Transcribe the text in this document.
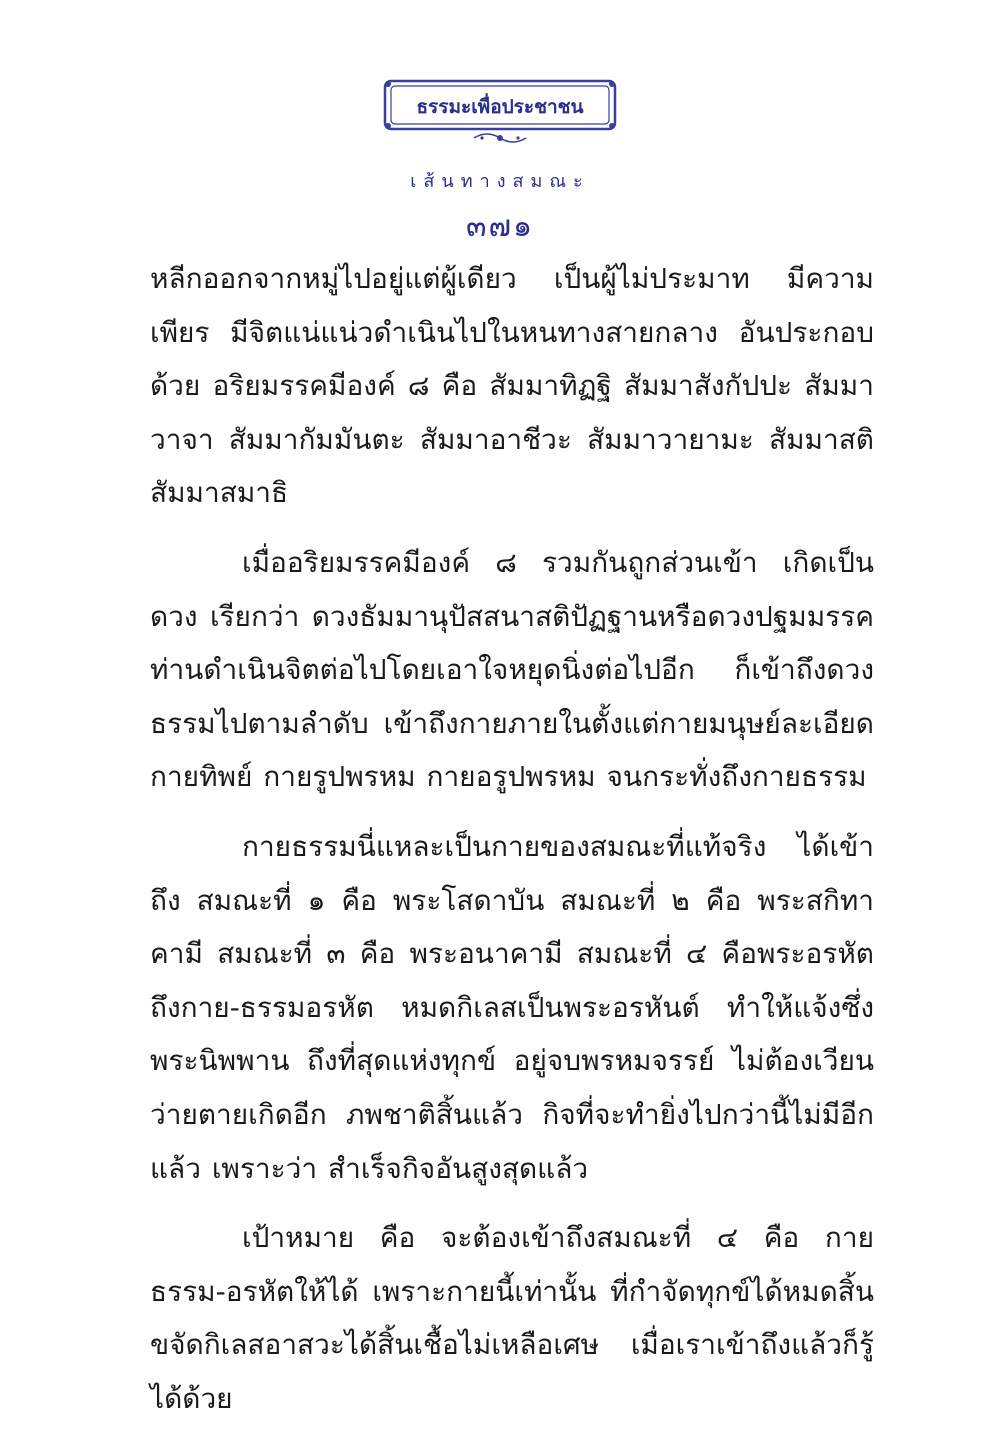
ธรรมะเพื่อประชาชน
เส้นทางสมณะ
๓๗๑

หลีกออกจากหมู่ไปอยู่แต่ผู้เดียว เป็นผู้ไม่ประมาท มีความเพียร มีจิตแน่แน่วดำเนินไปในหนทางสายกลาง อันประกอบด้วย อริยมรรคมีองค์ ๘ คือ สัมมาทิฏฐิ สัมมาสังกัปปะ สัมมาวาจา สัมมากัมมันตะ สัมมาอาชีวะ สัมมาวายามะ สัมมาสติ สัมมาสมาธิ

เมื่ออริยมรรคมีองค์ ๘ รวมกันถูกส่วนเข้า เกิดเป็นดวง เรียกว่า ดวงธัมมานุปัสสนาสติปัฏฐานหรือดวงปฐมมรรค ท่านดำเนินจิตต่อไปโดยเอาใจหยุดนิ่งต่อไปอีก ก็เข้าถึงดวงธรรมไปตามลำดับ เข้าถึงกายภายในตั้งแต่กายมนุษย์ละเอียด กายทิพย์ กายรูปพรหม กายอรูปพรหม จนกระทั่งถึงกายธรรม

กายธรรมนี่แหละเป็นกายของสมณะที่แท้จริง ได้เข้าถึง สมณะที่ ๑ คือ พระโสดาบัน สมณะที่ ๒ คือ พระสกิทาคามี สมณะที่ ๓ คือ พระอนาคามี สมณะที่ ๔ คือพระอรหัต ถึงกาย-ธรรมอรหัต หมดกิเลสเป็นพระอรหันต์ ทำให้แจ้งซึ่งพระนิพพาน ถึงที่สุดแห่งทุกข์ อยู่จบพรหมจรรย์ ไม่ต้องเวียนว่ายตายเกิดอีก ภพชาติสิ้นแล้ว กิจที่จะทำยิ่งไปกว่านี้ไม่มีอีกแล้ว เพราะว่า สำเร็จกิจอันสูงสุดแล้ว

เป้าหมาย คือ จะต้องเข้าถึงสมณะที่ ๔ คือ กายธรรม-อรหัตให้ได้ เพราะกายนี้เท่านั้น ที่กำจัดทุกข์ได้หมดสิ้น ขจัดกิเลสอาสวะได้สิ้นเชื้อไม่เหลือเศษ เมื่อเราเข้าถึงแล้วก็รู้ได้ด้วย
